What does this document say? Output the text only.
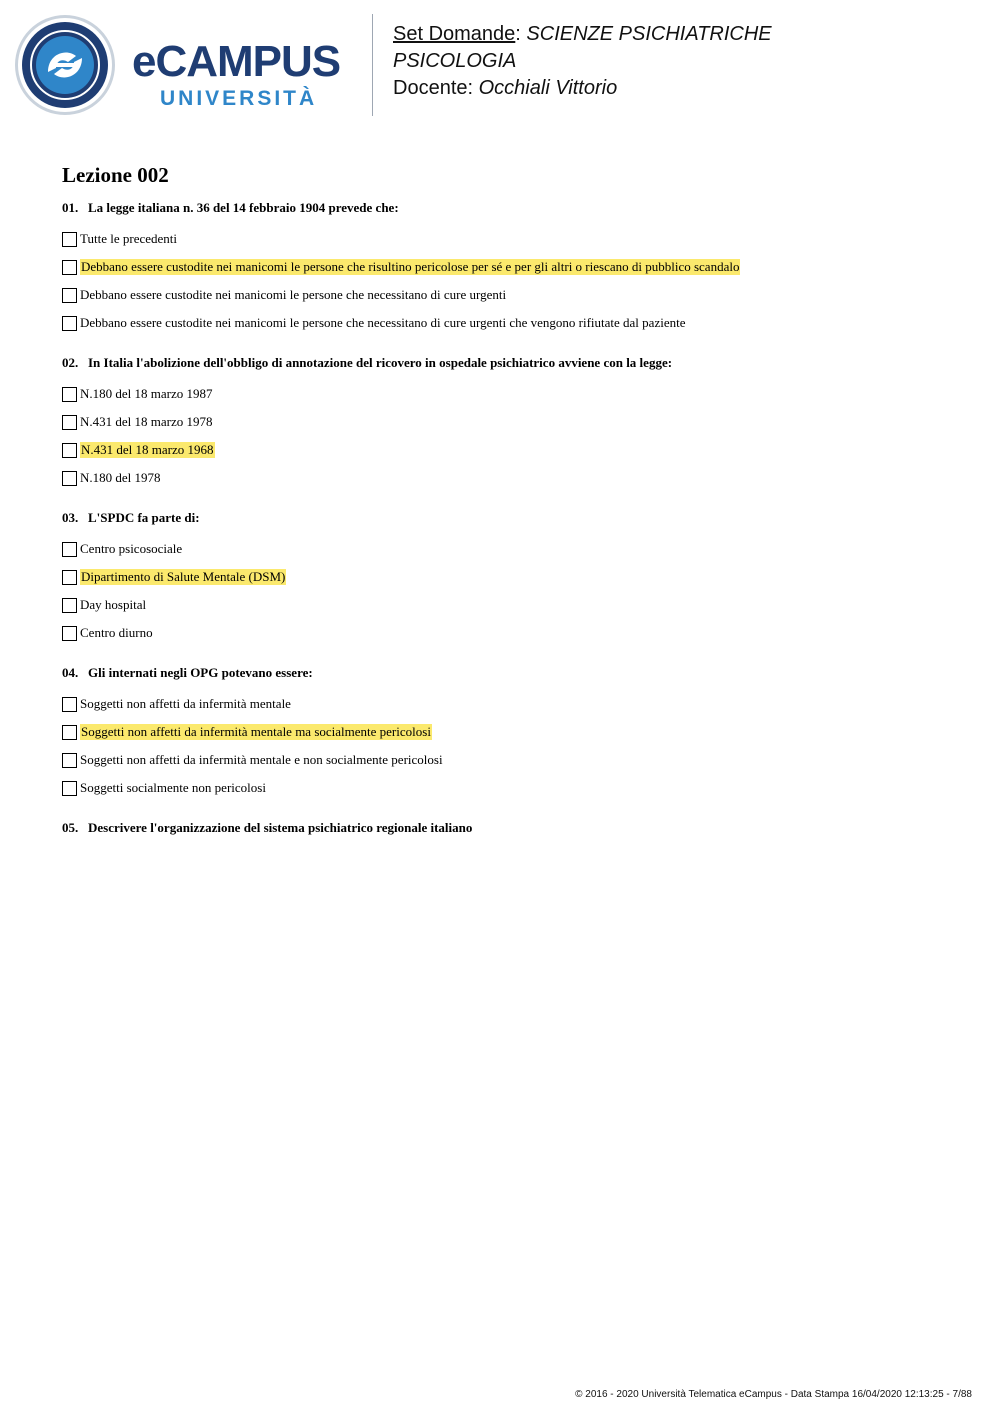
eCAMPUS
UNIVERSITÀ
Set Domande: SCIENZE PSICHIATRICHE
PSICOLOGIA
Docente: Occhiali Vittorio
Lezione 002
01. La legge italiana n. 36 del 14 febbraio 1904 prevede che:
Tutte le precedenti
Debbano essere custodite nei manicomi le persone che risultino pericolose per sé e per gli altri o riescano di pubblico scandalo
Debbano essere custodite nei manicomi le persone che necessitano di cure urgenti
Debbano essere custodite nei manicomi le persone che necessitano di cure urgenti che vengono rifiutate dal paziente
02. In Italia l'abolizione dell'obbligo di annotazione del ricovero in ospedale psichiatrico avviene con la legge:
N.180 del 18 marzo 1987
N.431 del 18 marzo 1978
N.431 del 18 marzo 1968
N.180 del 1978
03. L'SPDC fa parte di:
Centro psicosociale
Dipartimento di Salute Mentale (DSM)
Day hospital
Centro diurno
04. Gli internati negli OPG potevano essere:
Soggetti non affetti da infermità mentale
Soggetti non affetti da infermità mentale ma socialmente pericolosi
Soggetti non affetti da infermità mentale e non socialmente pericolosi
Soggetti socialmente non pericolosi
05. Descrivere l'organizzazione del sistema psichiatrico regionale italiano
© 2016 - 2020 Università Telematica eCampus - Data Stampa 16/04/2020 12:13:25 - 7/88
